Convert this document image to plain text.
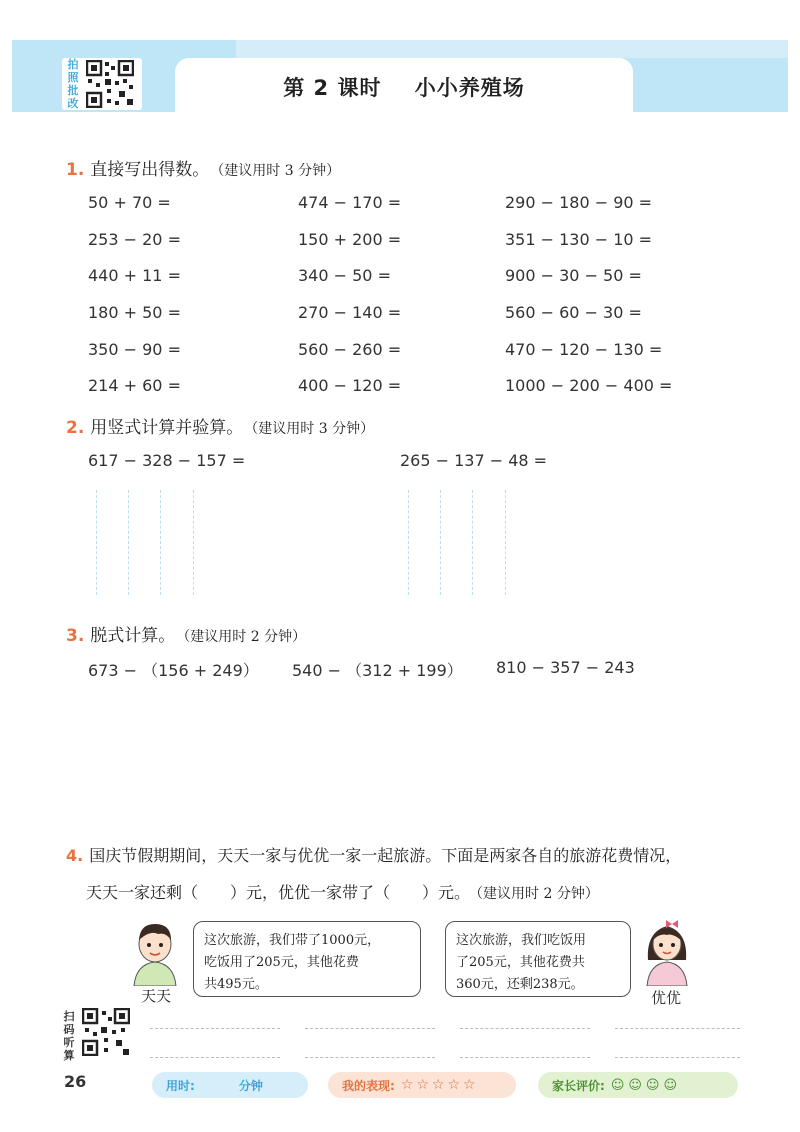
拍
照
批
改
第 2 课时    小小养殖场
1. 直接写出得数。 （建议用时 3 分钟）
50 + 70 =	474 − 170 =	290 − 180 − 90 =
253 − 20 =	150 + 200 =	351 − 130 − 10 =
440 + 11 =	340 − 50 =	900 − 30 − 50 =
180 + 50 =	270 − 140 =	560 − 60 − 30 =
350 − 90 =	560 − 260 =	470 − 120 − 130 =
214 + 60 =	400 − 120 =	1000 − 200 − 400 =
2. 用竖式计算并验算。 （建议用时 3 分钟）
617 − 328 − 157 =	265 − 137 − 48 =
3. 脱式计算。 （建议用时 2 分钟）
673 − （156 + 249） 540 − （312 + 199） 810 − 357 − 243
4. 国庆节假期期间，天天一家与优优一家一起旅游。下面是两家各自的旅游花费情况，
天天一家还剩（　　）元，优优一家带了（　　）元。 （建议用时 2 分钟）
天天

这次旅游，我们带了1000元，

吃饭用了205元，其他花费

共495元。

这次旅游，我们吃饭用

了205元，其他花费共

360元，还剩238元。

优优
扫
码
听
算
26	用时:	分钟	我的表现: ☆☆☆☆☆	家长评价: ☺☺☺☺
